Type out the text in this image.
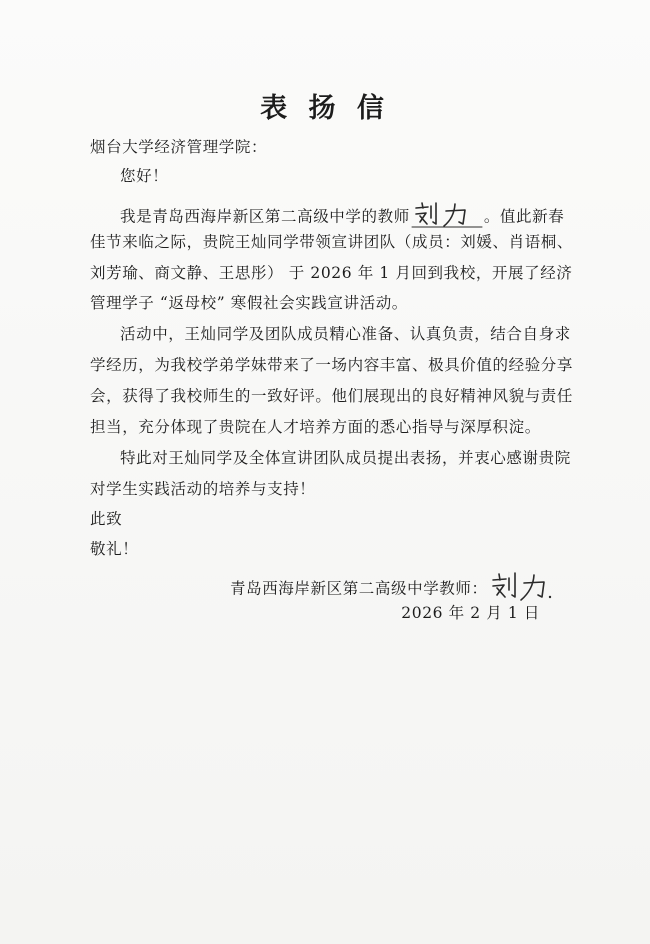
表 扬 信
烟台大学经济管理学院：
您好！
我是青岛西海岸新区第二高级中学的教师	。值此新春
佳节来临之际，贵院王灿同学带领宣讲团队（成员：刘媛、肖语桐、
刘芳瑜、商文静、王思彤） 于 2026 年 1 月回到我校，开展了经济
管理学子 “返母校” 寒假社会实践宣讲活动。
活动中，王灿同学及团队成员精心准备、认真负责，结合自身求
学经历，为我校学弟学妹带来了一场内容丰富、极具价值的经验分享
会，获得了我校师生的一致好评。他们展现出的良好精神风貌与责任
担当，充分体现了贵院在人才培养方面的悉心指导与深厚积淀。
特此对王灿同学及全体宣讲团队成员提出表扬，并衷心感谢贵院
对学生实践活动的培养与支持！
此致
敬礼！
青岛西海岸新区第二高级中学教师：
2026 年 2 月 1 日
